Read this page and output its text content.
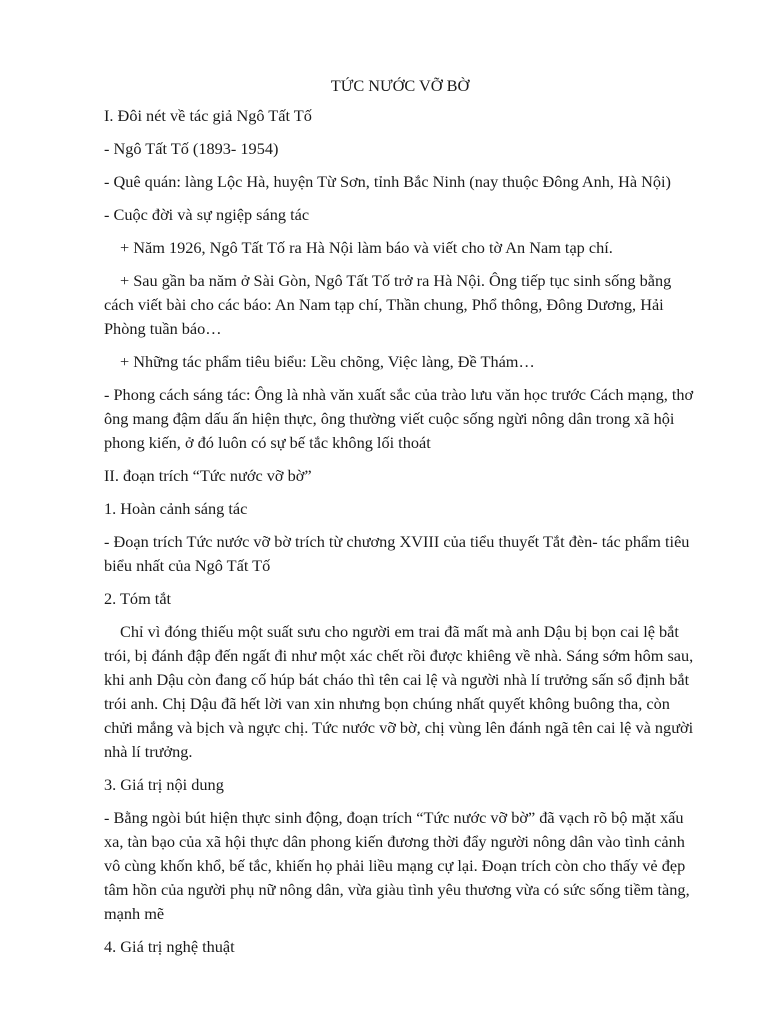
TỨC NƯỚC VỠ BỜ

I. Đôi nét về tác giả Ngô Tất Tố

- Ngô Tất Tố (1893- 1954)

- Quê quán: làng Lộc Hà, huyện Từ Sơn, tỉnh Bắc Ninh (nay thuộc Đông Anh, Hà Nội)

- Cuộc đời và sự ngiệp sáng tác

+ Năm 1926, Ngô Tất Tố ra Hà Nội làm báo và viết cho tờ An Nam tạp chí.

+ Sau gần ba năm ở Sài Gòn, Ngô Tất Tố trở ra Hà Nội. Ông tiếp tục sinh sống bằng cách viết bài cho các báo: An Nam tạp chí, Thần chung, Phổ thông, Đông Dương, Hải Phòng tuần báo…

+ Những tác phẩm tiêu biểu: Lều chõng, Việc làng, Đề Thám…

- Phong cách sáng tác: Ông là nhà văn xuất sắc của trào lưu văn học trước Cách mạng, thơ ông mang đậm dấu ấn hiện thực, ông thường viết cuộc sống ngừi nông dân trong xã hội phong kiến, ở đó luôn có sự bế tắc không lối thoát

II. đoạn trích “Tức nước vỡ bờ”

1. Hoàn cảnh sáng tác

- Đoạn trích Tức nước vỡ bờ trích từ chương XVIII của tiểu thuyết Tắt đèn- tác phẩm tiêu biểu nhất của Ngô Tất Tố

2. Tóm tắt

Chỉ vì đóng thiếu một suất sưu cho người em trai đã mất mà anh Dậu bị bọn cai lệ bắt trói, bị đánh đập đến ngất đi như một xác chết rồi được khiêng về nhà. Sáng sớm hôm sau, khi anh Dậu còn đang cố húp bát cháo thì tên cai lệ và người nhà lí trưởng sấn sổ định bắt trói anh. Chị Dậu đã hết lời van xin nhưng bọn chúng nhất quyết không buông tha, còn chửi mắng và bịch và ngực chị. Tức nước vỡ bờ, chị vùng lên đánh ngã tên cai lệ và người nhà lí trưởng.

3. Giá trị nội dung

- Bằng ngòi bút hiện thực sinh động, đoạn trích “Tức nước vỡ bờ” đã vạch rõ bộ mặt xấu xa, tàn bạo của xã hội thực dân phong kiến đương thời đẩy người nông dân vào tình cảnh vô cùng khốn khổ, bế tắc, khiến họ phải liều mạng cự lại. Đoạn trích còn cho thấy vẻ đẹp tâm hồn của người phụ nữ nông dân, vừa giàu tình yêu thương vừa có sức sống tiềm tàng, mạnh mẽ

4. Giá trị nghệ thuật
